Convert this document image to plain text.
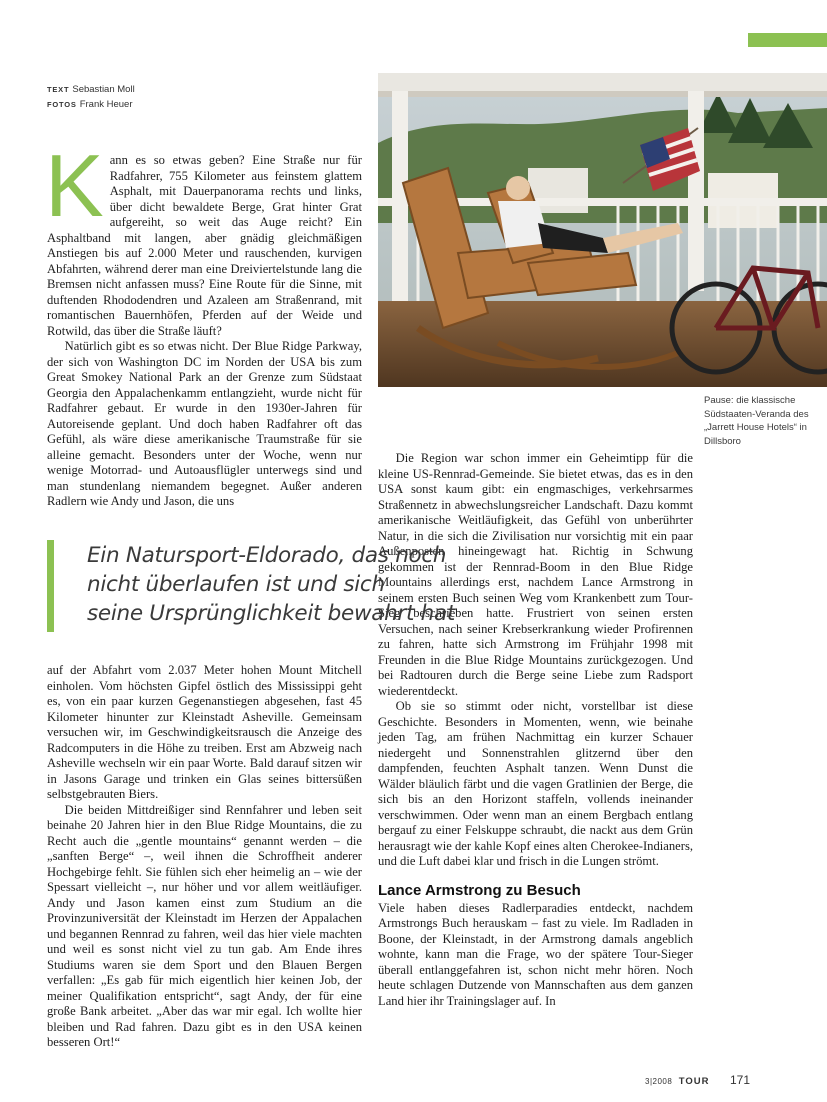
TEXT Sebastian Moll
FOTOS Frank Heuer
Pause: die klassische Südstaaten-Veranda des „Jarrett House Hotels“ in Dillsboro
K ann es so etwas geben? Eine Straße nur für Radfahrer, 755 Kilometer aus feinstem glattem Asphalt, mit Dauerpanorama rechts und links, über dicht bewaldete Berge, Grat hinter Grat aufgereiht, so weit das Auge reicht? Ein Asphaltband mit langen, aber gnädig gleichmäßigen Anstiegen bis auf 2.000 Meter und rauschenden, kurvigen Abfahrten, während derer man eine Dreiviertelstunde lang die Bremsen nicht anfassen muss? Eine Route für die Sinne, mit duftenden Rhododendren und Azaleen am Straßenrand, mit romantischen Bauernhöfen, Pferden auf der Weide und Rotwild, das über die Straße läuft?

Natürlich gibt es so etwas nicht. Der Blue Ridge Parkway, der sich von Washington DC im Norden der USA bis zum Great Smokey National Park an der Grenze zum Südstaat Georgia den Appalachenkamm entlangzieht, wurde nicht für Radfahrer gebaut. Er wurde in den 1930er-Jahren für Autoreisende geplant. Und doch haben Radfahrer oft das Gefühl, als wäre diese amerikanische Traumstraße für sie alleine gemacht. Besonders unter der Woche, wenn nur wenige Motorrad- und Autoausflügler unterwegs sind und man stundenlang niemandem begegnet. Außer anderen Radlern wie Andy und Jason, die uns

Die Region war schon immer ein Geheimtipp für die kleine US-Rennrad-Gemeinde. Sie bietet etwas, das es in den USA sonst kaum gibt: ein engmaschiges, verkehrsarmes Straßennetz in abwechslungsreicher Landschaft. Dazu kommt amerikanische Weitläufigkeit, das Gefühl von unberührter Natur, in die sich die Zivilisation nur vorsichtig mit ein paar Außenposten hineingewagt hat. Richtig in Schwung gekommen ist der Rennrad-Boom in den Blue Ridge Mountains allerdings erst, nachdem Lance Armstrong in seinem ersten Buch seinen Weg vom Krankenbett zum Tour-Sieg beschrieben hatte. Frustriert von seinen ersten Versuchen, nach seiner Krebserkrankung wieder Profirennen zu fahren, hatte sich Armstrong im Frühjahr 1998 mit Freunden in die Blue Ridge Mountains zurückgezogen. Und bei Radtouren durch die Berge seine Liebe zum Radsport wiederentdeckt.

Ob sie so stimmt oder nicht, vorstellbar ist diese Geschichte. Besonders in Momenten, wenn, wie beinahe jeden Tag, am frühen Nachmittag ein kurzer Schauer niedergeht und Sonnenstrahlen glitzernd über den dampfenden, feuchten Asphalt tanzen. Wenn Dunst die Wälder bläulich färbt und die vagen Gratlinien der Berge, die sich bis an den Horizont staffeln, vollends ineinander verschwimmen. Oder wenn man an einem Bergbach entlang bergauf zu einer Felskuppe schraubt, die nackt aus dem Grün herausragt wie der kahle Kopf eines alten Cherokee-Indianers, und die Luft dabei klar und frisch in die Lungen strömt.

Lance Armstrong zu Besuch

Viele haben dieses Radlerparadies entdeckt, nachdem Armstrongs Buch herauskam – fast zu viele. Im Radladen in Boone, der Kleinstadt, in der Armstrong damals angeblich wohnte, kann man die Frage, wo der spätere Tour-Sieger überall entlanggefahren ist, schon nicht mehr hören. Noch heute schlagen Dutzende von Mannschaften aus dem ganzen Land hier ihr Trainingslager auf. In

Ein Natursport-Eldorado, das noch
nicht überlaufen ist und sich
seine Ursprünglichkeit bewahrt hat

auf der Abfahrt vom 2.037 Meter hohen Mount Mitchell einholen. Vom höchsten Gipfel östlich des Mississippi geht es, von ein paar kurzen Gegenanstiegen abgesehen, fast 45 Kilometer hinunter zur Kleinstadt Asheville. Gemeinsam versuchen wir, im Geschwindigkeitsrausch die Anzeige des Radcomputers in die Höhe zu treiben. Erst am Abzweig nach Asheville wechseln wir ein paar Worte. Bald darauf sitzen wir in Jasons Garage und trinken ein Glas seines bittersüßen selbstgebrauten Biers.

Die beiden Mittdreißiger sind Rennfahrer und leben seit beinahe 20 Jahren hier in den Blue Ridge Mountains, die zu Recht auch die „gentle mountains“ genannt werden – die „sanften Berge“ –, weil ihnen die Schroffheit anderer Hochgebirge fehlt. Sie fühlen sich eher heimelig an – wie der Spessart vielleicht –, nur höher und vor allem weitläufiger. Andy und Jason kamen einst zum Studium an die Provinzuniversität der Kleinstadt im Herzen der Appalachen und begannen Rennrad zu fahren, weil das hier viele machten und weil es sonst nicht viel zu tun gab. Am Ende ihres Studiums waren sie dem Sport und den Blauen Bergen verfallen: „Es gab für mich eigentlich hier keinen Job, der meiner Qualifikation entspricht“, sagt Andy, der für eine große Bank arbeitet. „Aber das war mir egal. Ich wollte hier bleiben und Rad fahren. Dazu gibt es in den USA keinen besseren Ort!“

3|2008 TOUR 171
